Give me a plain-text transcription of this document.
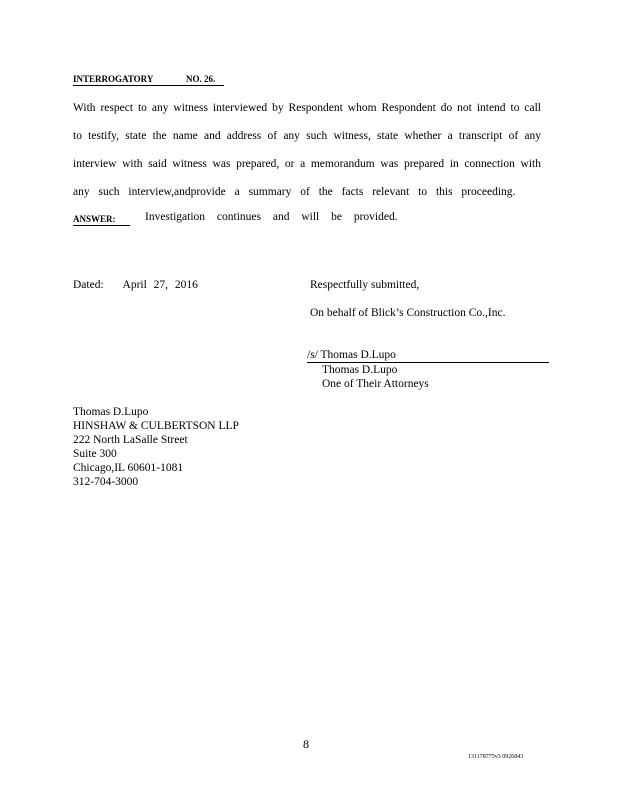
INTERROGATORY	NO. 26.
With respect to any witness interviewed by Respondent whom Respondent do not intend to call
to testify, state the name and address of any such witness, state whether a transcript of any
interview with said witness was prepared, or a memorandum was prepared in connection with
any such interview,andprovide a summary of the facts relevant to this proceeding.
ANSWER:	Investigation continues and will be provided.
Dated: April 27, 2016	Respectfully submitted,
On behalf of Blick’s Construction Co.,Inc.
/s/ Thomas D.Lupo
Thomas D.Lupo
One of Their Attorneys
Thomas D.Lupo
HINSHAW & CULBERTSON LLP
222 North LaSalle Street
Suite 300
Chicago,IL 60601-1081
312-704-3000
8
131178775v3 0926843
